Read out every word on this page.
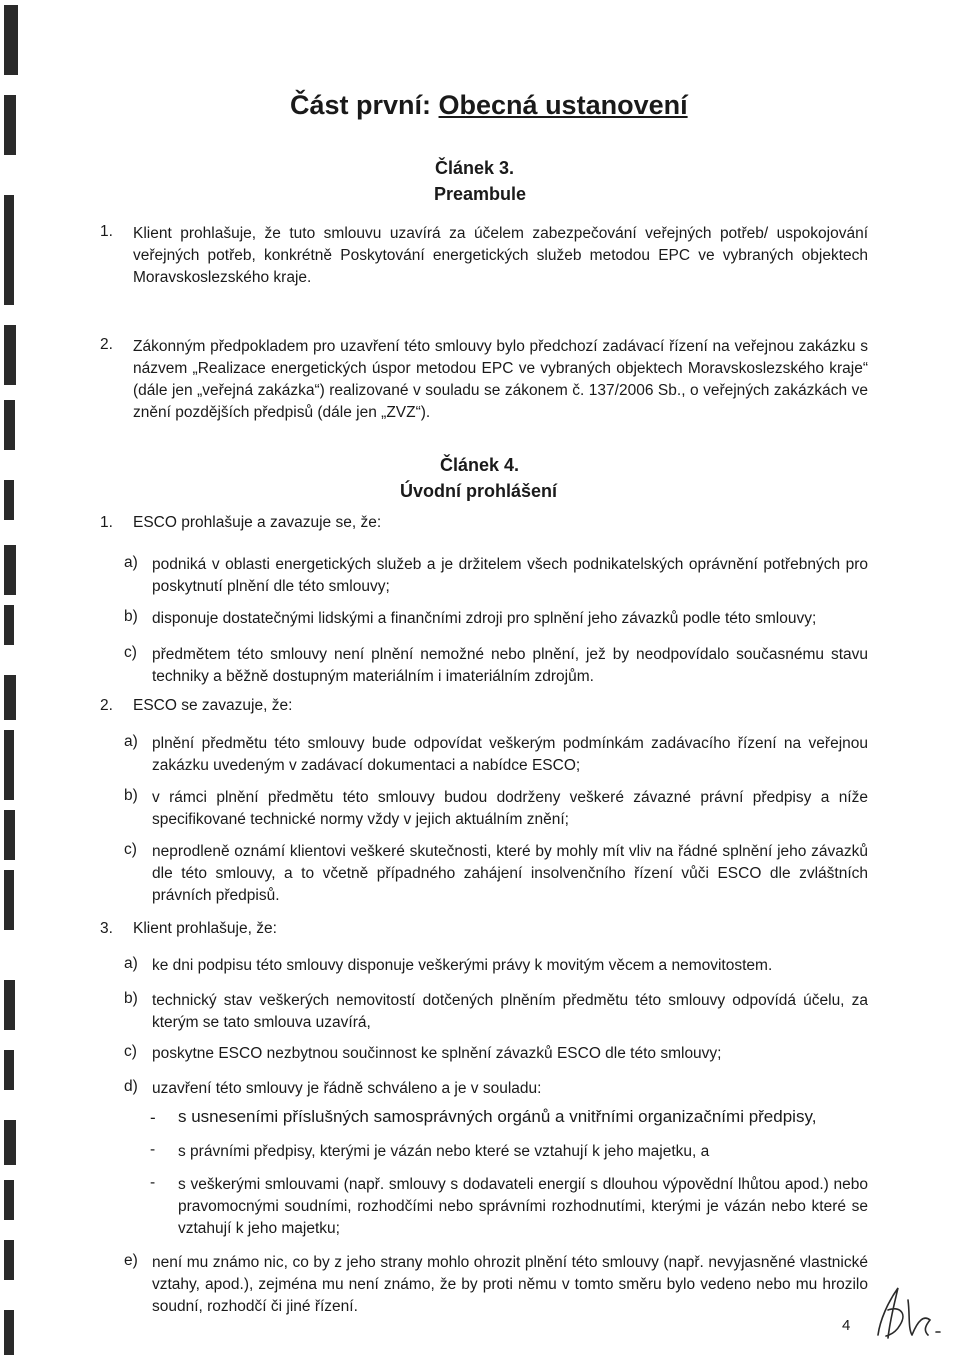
Část první: Obecná ustanovení
Článek 3.
Preambule
1. Klient prohlašuje, že tuto smlouvu uzavírá za účelem zabezpečování veřejných potřeb/ uspokojování veřejných potřeb, konkrétně Poskytování energetických služeb metodou EPC ve vybraných objektech Moravskoslezského kraje.
2. Zákonným předpokladem pro uzavření této smlouvy bylo předchozí zadávací řízení na veřejnou zakázku s názvem „Realizace energetických úspor metodou EPC ve vybraných objektech Moravskoslezského kraje“ (dále jen „veřejná zakázka“) realizované v souladu se zákonem č. 137/2006 Sb., o veřejných zakázkách ve znění pozdějších předpisů (dále jen „ZVZ“).
Článek 4.
Úvodní prohlášení
1. ESCO prohlašuje a zavazuje se, že:
a) podniká v oblasti energetických služeb a je držitelem všech podnikatelských oprávnění potřebných pro poskytnutí plnění dle této smlouvy;
b) disponuje dostatečnými lidskými a finančními zdroji pro splnění jeho závazků podle této smlouvy;
c) předmětem této smlouvy není plnění nemožné nebo plnění, jež by neodpovídalo současnému stavu techniky a běžně dostupným materiálním i imateriálním zdrojům.
2. ESCO se zavazuje, že:
a) plnění předmětu této smlouvy bude odpovídat veškerým podmínkám zadávacího řízení na veřejnou zakázku uvedeným v zadávací dokumentaci a nabídce ESCO;
b) v rámci plnění předmětu této smlouvy budou dodrženy veškeré závazné právní předpisy a níže specifikované technické normy vždy v jejich aktuálním znění;
c) neprodleně oznámí klientovi veškeré skutečnosti, které by mohly mít vliv na řádné splnění jeho závazků dle této smlouvy, a to včetně případného zahájení insolvenčního řízení vůči ESCO dle zvláštních právních předpisů.
3. Klient prohlašuje, že:
a) ke dni podpisu této smlouvy disponuje veškerými právy k movitým věcem a nemovitostem.
b) technický stav veškerých nemovitostí dotčených plněním předmětu této smlouvy odpovídá účelu, za kterým se tato smlouva uzavírá,
c) poskytne ESCO nezbytnou součinnost ke splnění závazků ESCO dle této smlouvy;
d) uzavření této smlouvy je řádně schváleno a je v souladu:
- s usneseními příslušných samosprávných orgánů a vnitřními organizačními předpisy,
- s právními předpisy, kterými je vázán nebo které se vztahují k jeho majetku, a
- s veškerými smlouvami (např. smlouvy s dodavateli energií s dlouhou výpovědní lhůtou apod.) nebo pravomocnými soudními, rozhodčími nebo správními rozhodnutími, kterými je vázán nebo které se vztahují k jeho majetku;
e) není mu známo nic, co by z jeho strany mohlo ohrozit plnění této smlouvy (např. nevyjasněné vlastnické vztahy, apod.), zejména mu není známo, že by proti němu v tomto směru bylo vedeno nebo mu hrozilo soudní, rozhodčí či jiné řízení.
4
